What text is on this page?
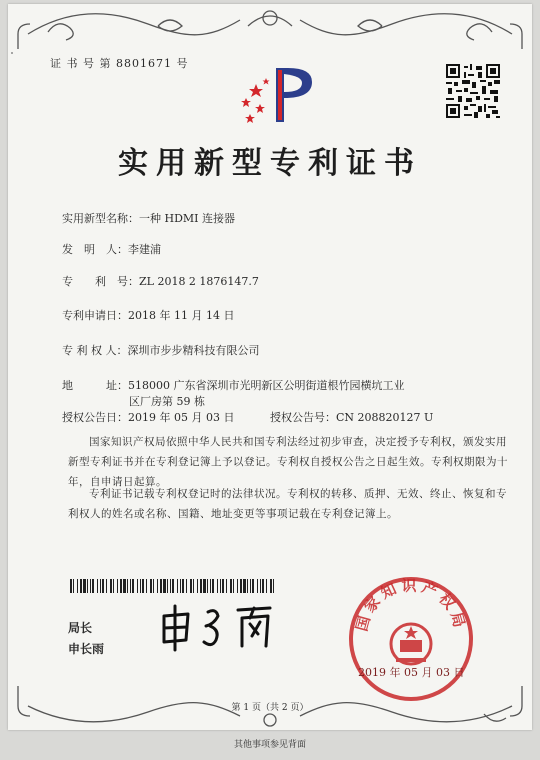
证 书 号 第 8801671 号
实用新型专利证书
实用新型名称：一种 HDMI 连接器
发　明　人：李建浦
专　　利　号：ZL 2018 2 1876147.7
专利申请日：2018 年 11 月 14 日
专 利 权 人：深圳市步步精科技有限公司
地　　　址：518000 广东省深圳市光明新区公明街道根竹园横坑工业
区厂房第 59 栋
授权公告日：2019 年 05 月 03 日	授权公告号：CN 208820127 U
国家知识产权局依照中华人民共和国专利法经过初步审查，决定授予专利权，颁发实用新型专利证书并在专利登记簿上予以登记。专利权自授权公告之日起生效。专利权期限为十年，自申请日起算。
专利证书记载专利权登记时的法律状况。专利权的转移、质押、无效、终止、恢复和专利权人的姓名或名称、国籍、地址变更等事项记载在专利登记簿上。
局长
申长雨
国家知识产权局
2019 年 05 月 03 日
第 1 页（共 2 页）
其他事项参见背面
